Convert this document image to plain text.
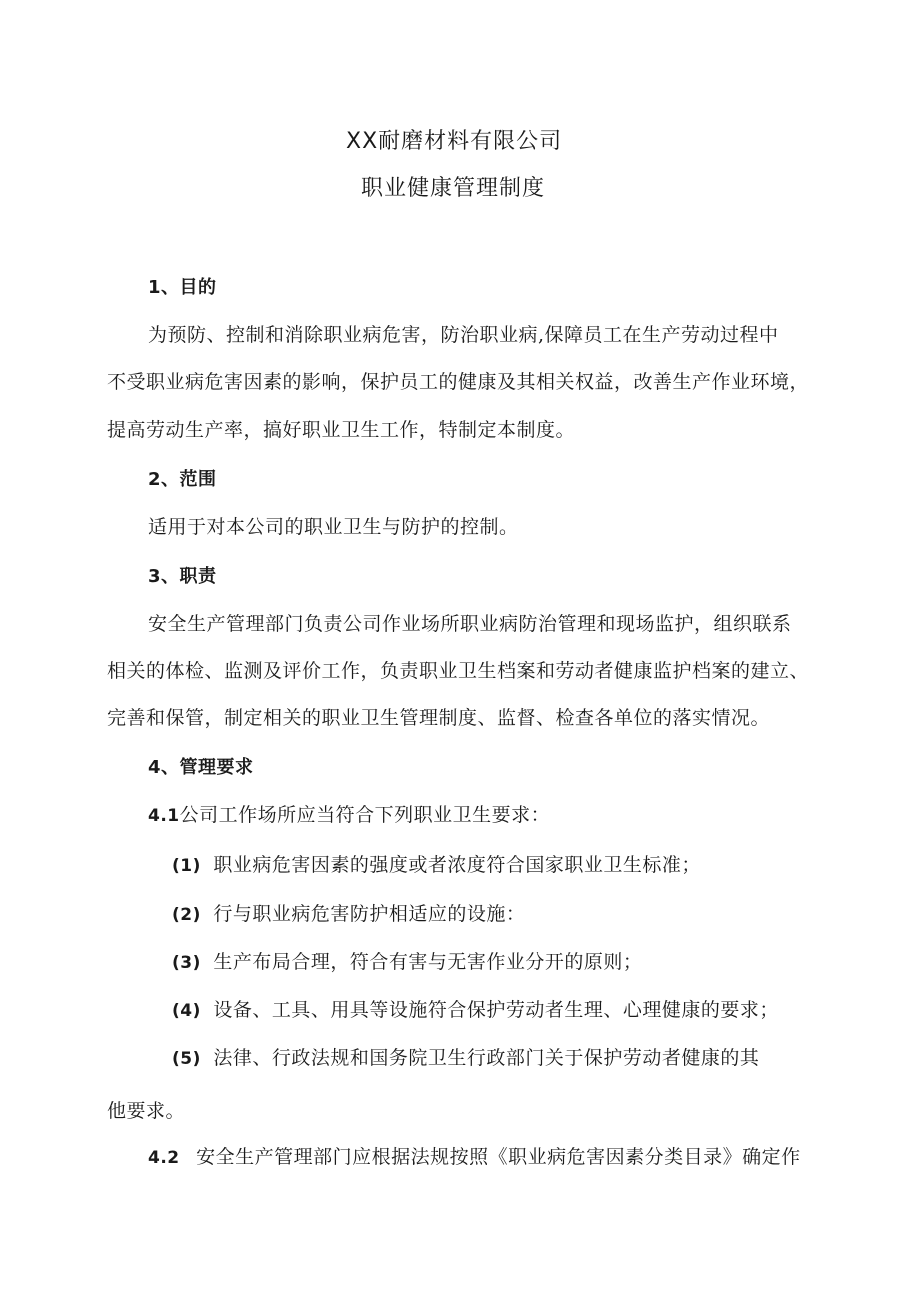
XX耐磨材料有限公司
职业健康管理制度
1、目的
为预防、控制和消除职业病危害，防治职业病,保障员工在生产劳动过程中
不受职业病危害因素的影响，保护员工的健康及其相关权益，改善生产作业环境，
提高劳动生产率，搞好职业卫生工作，特制定本制度。
2、范围
适用于对本公司的职业卫生与防护的控制。
3、职责
安全生产管理部门负责公司作业场所职业病防治管理和现场监护，组织联系
相关的体检、监测及评价工作，负责职业卫生档案和劳动者健康监护档案的建立、
完善和保管，制定相关的职业卫生管理制度、监督、检查各单位的落实情况。
4、管理要求
4.1公司工作场所应当符合下列职业卫生要求：
(1) 职业病危害因素的强度或者浓度符合国家职业卫生标准；
(2) 行与职业病危害防护相适应的设施：
(3) 生产布局合理，符合有害与无害作业分开的原则；
(4) 设备、工具、用具等设施符合保护劳动者生理、心理健康的要求；
(5) 法律、行政法规和国务院卫生行政部门关于保护劳动者健康的其
他要求。
4.2 安全生产管理部门应根据法规按照《职业病危害因素分类目录》确定作
